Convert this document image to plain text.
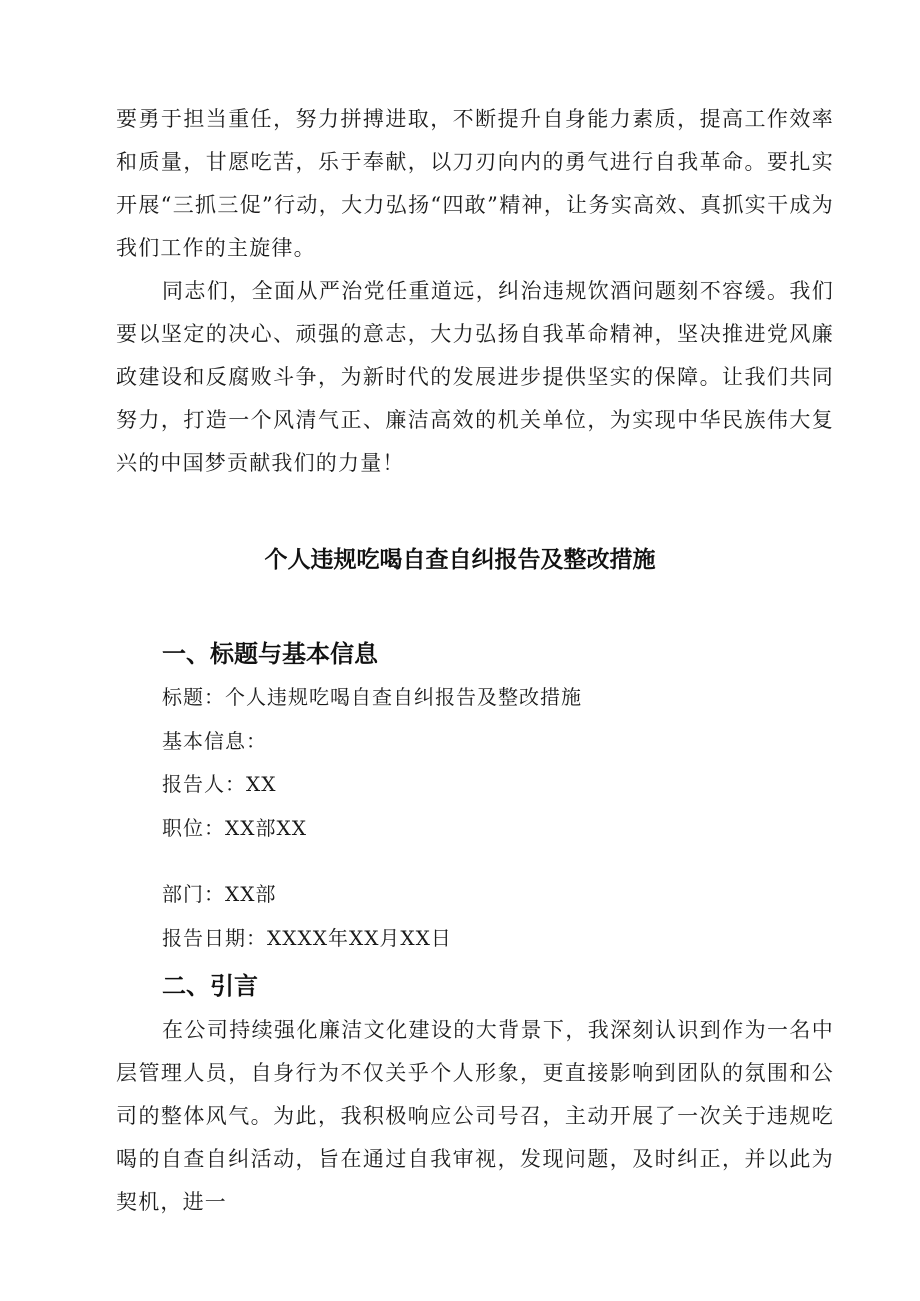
要勇于担当重任，努力拼搏进取，不断提升自身能力素质，提高工作效率和质量，甘愿吃苦，乐于奉献，以刀刃向内的勇气进行自我革命。要扎实开展“三抓三促”行动，大力弘扬“四敢”精神，让务实高效、真抓实干成为我们工作的主旋律。

同志们，全面从严治党任重道远，纠治违规饮酒问题刻不容缓。我们要以坚定的决心、顽强的意志，大力弘扬自我革命精神，坚决推进党风廉政建设和反腐败斗争，为新时代的发展进步提供坚实的保障。让我们共同努力，打造一个风清气正、廉洁高效的机关单位，为实现中华民族伟大复兴的中国梦贡献我们的力量！

个人违规吃喝自查自纠报告及整改措施
一、标题与基本信息

标题：个人违规吃喝自查自纠报告及整改措施

基本信息：

报告人：XX

职位：XX部XX

部门：XX部

报告日期：XXXX年XX月XX日

二、引言

在公司持续强化廉洁文化建设的大背景下，我深刻认识到作为一名中层管理人员，自身行为不仅关乎个人形象，更直接影响到团队的氛围和公司的整体风气。为此，我积极响应公司号召，主动开展了一次关于违规吃喝的自查自纠活动，旨在通过自我审视，发现问题，及时纠正，并以此为契机，进一
